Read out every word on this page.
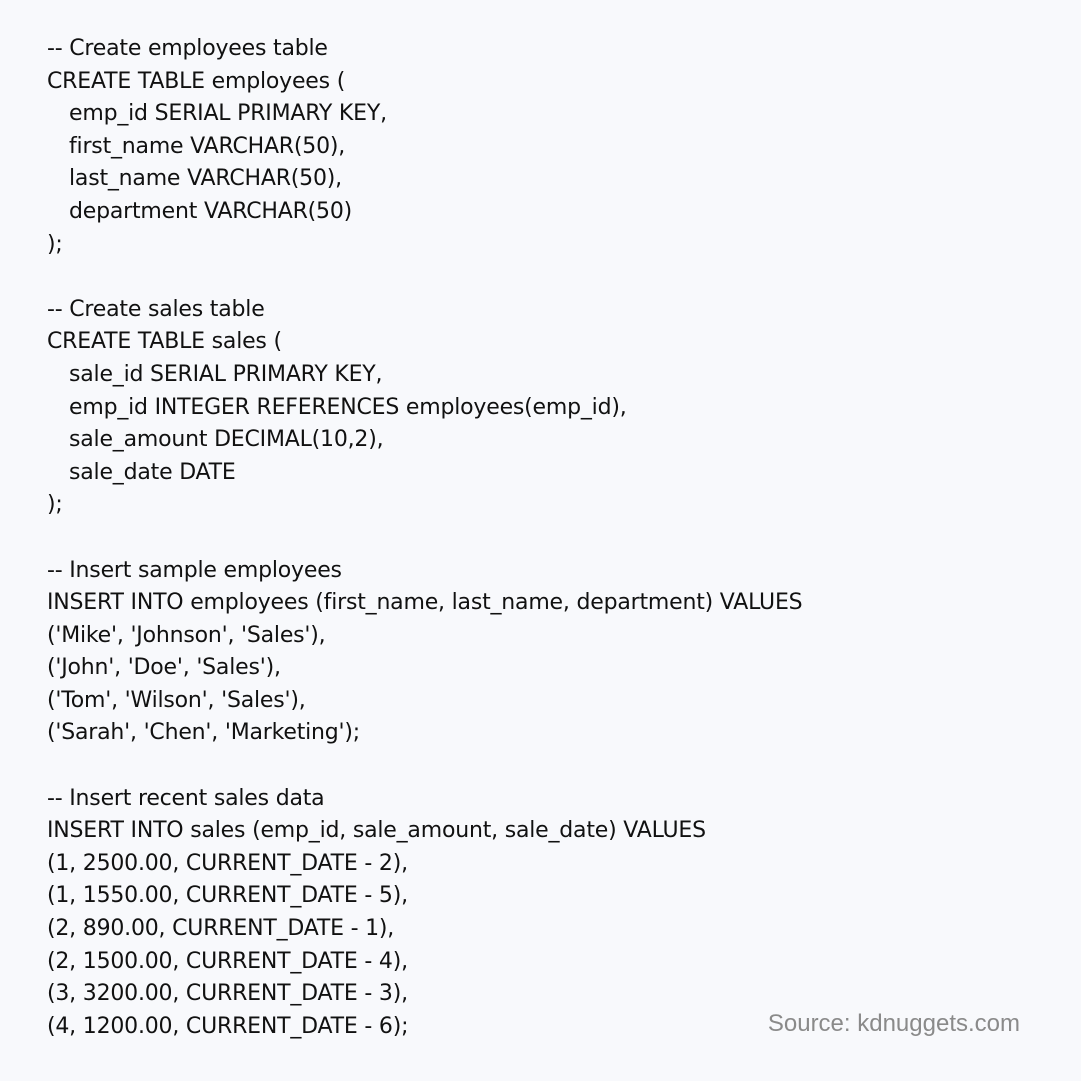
-- Create employees table
CREATE TABLE employees (
emp_id SERIAL PRIMARY KEY,
first_name VARCHAR(50),
last_name VARCHAR(50),
department VARCHAR(50)
);
-- Create sales table
CREATE TABLE sales (
sale_id SERIAL PRIMARY KEY,
emp_id INTEGER REFERENCES employees(emp_id),
sale_amount DECIMAL(10,2),
sale_date DATE
);
-- Insert sample employees
INSERT INTO employees (first_name, last_name, department) VALUES
('Mike', 'Johnson', 'Sales'),
('John', 'Doe', 'Sales'),
('Tom', 'Wilson', 'Sales'),
('Sarah', 'Chen', 'Marketing');
-- Insert recent sales data
INSERT INTO sales (emp_id, sale_amount, sale_date) VALUES
(1, 2500.00, CURRENT_DATE - 2),
(1, 1550.00, CURRENT_DATE - 5),
(2, 890.00, CURRENT_DATE - 1),
(2, 1500.00, CURRENT_DATE - 4),
(3, 3200.00, CURRENT_DATE - 3),
(4, 1200.00, CURRENT_DATE - 6);	Source: kdnuggets.com
